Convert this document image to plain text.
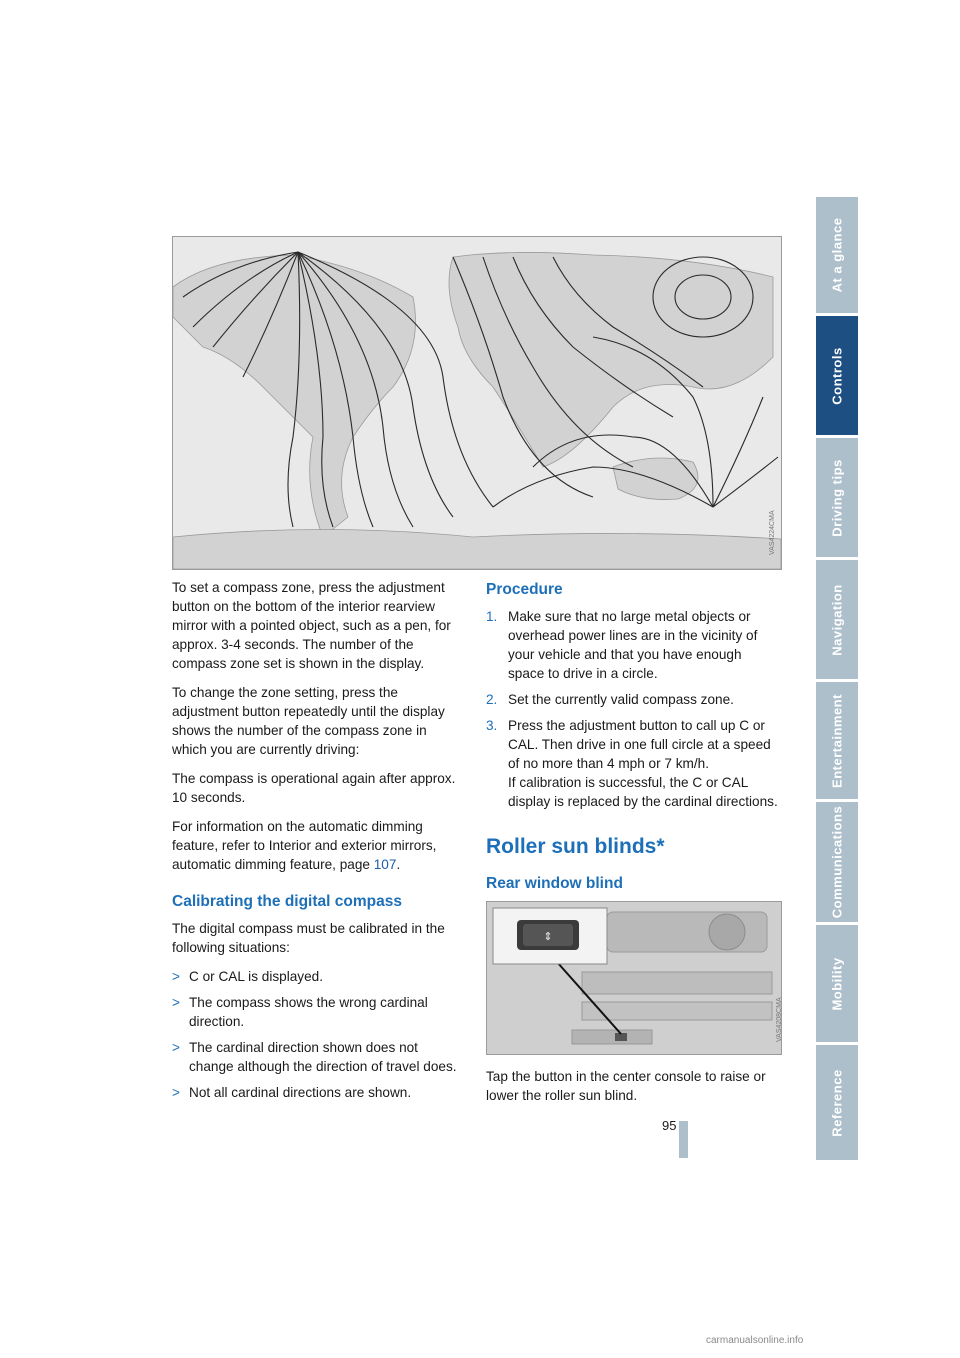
At a glance
Controls
Driving tips
Navigation
Entertainment
Communications
Mobility
Reference
VAS4224CMA

To set a compass zone, press the adjustment button on the bottom of the interior rearview mirror with a pointed object, such as a pen, for approx. 3-4 seconds. The number of the compass zone set is shown in the display.

To change the zone setting, press the adjustment button repeatedly until the display shows the number of the compass zone in which you are currently driving:

The compass is operational again after approx. 10 seconds.

For information on the automatic dimming feature, refer to Interior and exterior mirrors, automatic dimming feature, page 107.

Calibrating the digital compass

The digital compass must be calibrated in the following situations:

> C or CAL is displayed.
> The compass shows the wrong cardinal direction.
> The cardinal direction shown does not change although the direction of travel does.
> Not all cardinal directions are shown.
Procedure
1. Make sure that no large metal objects or overhead power lines are in the vicinity of your vehicle and that you have enough space to drive in a circle.
2. Set the currently valid compass zone.
3. Press the adjustment button to call up C or CAL. Then drive in one full circle at a speed of no more than 4 mph or 7 km/h.
If calibration is successful, the C or CAL display is replaced by the cardinal directions.
Roller sun blinds*
Rear window blind
⇕
VAS4208CMA

Tap the button in the center console to raise or lower the roller sun blind.

95
carmanualsonline.info
